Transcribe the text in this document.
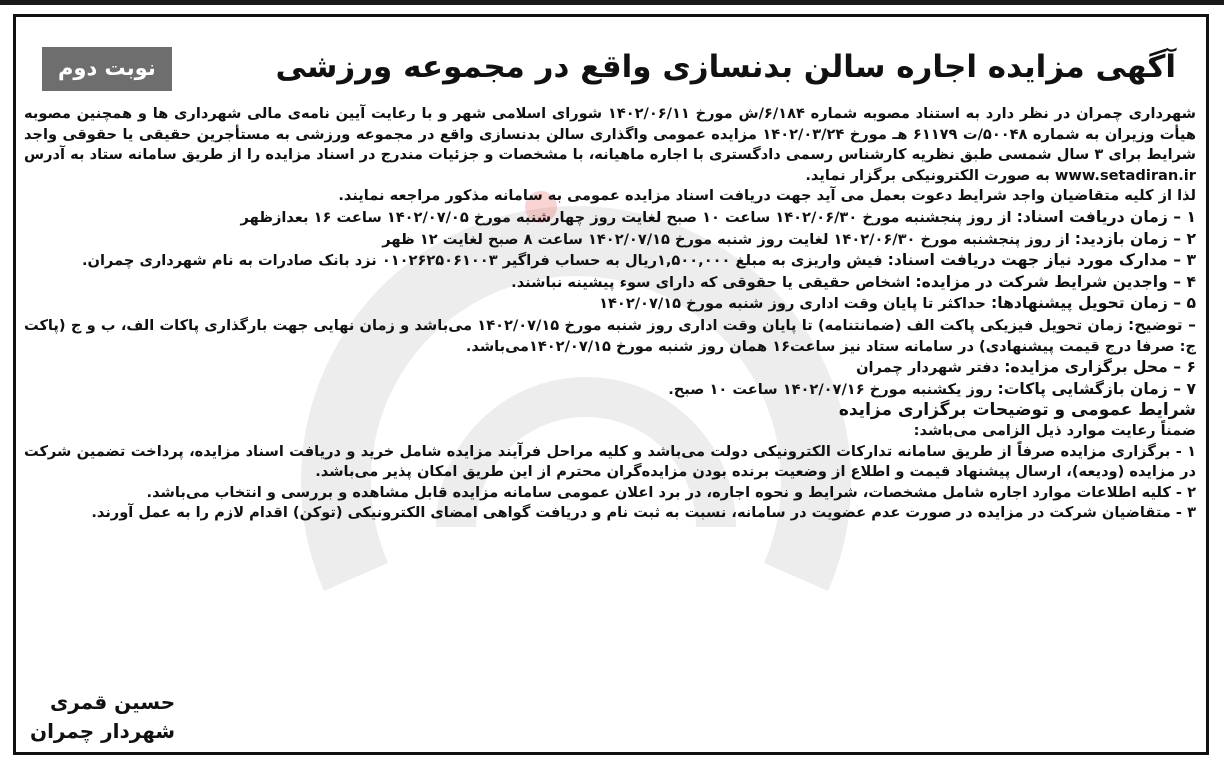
آگهی مزایده اجاره سالن بدنسازی واقع در مجموعه ورزشی
نوبت دوم

شهرداری چمران در نظر دارد به استناد مصوبه شماره ۶/۱۸۴/ش مورخ ۱۴۰۲/۰۶/۱۱ شورای اسلامی شهر و با رعایت آیین نامه‌ی مالی شهرداری ها و همچنین مصوبه هیأت وزیران به شماره ۵۰۰۴۸/ت ۶۱۱۷۹ هـ مورخ ۱۴۰۲/۰۳/۲۴ مزایده عمومی واگذاری سالن بدنسازی واقع در مجموعه ورزشی به مستأجرین حقیقی یا حقوقی واجد شرایط برای ۳ سال شمسی طبق نظریه کارشناس رسمی دادگستری با اجاره ماهیانه، با مشخصات و جزئیات مندرج در اسناد مزایده را از طریق سامانه ستاد به آدرس www.setadiran.ir به صورت الکترونیکی برگزار نماید.

لذا از کلیه متقاضیان واجد شرایط دعوت بعمل می آید جهت دریافت اسناد مزایده عمومی به سامانه مذکور مراجعه نمایند.

۱ – زمان دریافت اسناد: از روز پنجشنبه مورخ ۱۴۰۲/۰۶/۳۰ ساعت ۱۰ صبح لغایت روز چهارشنبه مورخ ۱۴۰۲/۰۷/۰۵ ساعت ۱۶ بعدازظهر

۲ – زمان بازدید: از روز پنجشنبه مورخ ۱۴۰۲/۰۶/۳۰ لغایت روز شنبه مورخ ۱۴۰۲/۰۷/۱۵ ساعت ۸ صبح لغایت ۱۲ ظهر

۳ – مدارک مورد نیاز جهت دریافت اسناد: فیش واریزی به مبلغ ۱,۵۰۰,۰۰۰ریال به حساب فراگیر ۰۱۰۲۶۲۵۰۶۱۰۰۳ نزد بانک صادرات به نام شهرداری چمران.

۴ – واجدین شرایط شرکت در مزایده: اشخاص حقیقی یا حقوقی که دارای سوء پیشینه نباشند.

۵ – زمان تحویل پیشنهادها: حداکثر تا پایان وقت اداری روز شنبه مورخ ۱۴۰۲/۰۷/۱۵

– توضیح: زمان تحویل فیزیکی پاکت الف (ضمانتنامه) تا پایان وقت اداری روز شنبه مورخ ۱۴۰۲/۰۷/۱۵ می‌باشد و زمان نهایی جهت بارگذاری پاکات الف، ب و ج (پاکت ج: صرفا درج قیمت پیشنهادی) در سامانه ستاد نیز ساعت۱۶ همان روز شنبه مورخ ۱۴۰۲/۰۷/۱۵می‌باشد.

۶ – محل برگزاری مزایده: دفتر شهردار چمران

۷ – زمان بازگشایی پاکات: روز یکشنبه مورخ ۱۴۰۲/۰۷/۱۶ ساعت ۱۰ صبح.

شرایط عمومی و توضیحات برگزاری مزایده

ضمناً رعایت موارد ذیل الزامی می‌باشد:

۱ - برگزاری مزایده صرفاً از طریق سامانه تدارکات الکترونیکی دولت می‌باشد و کلیه مراحل فرآیند مزایده شامل خرید و دریافت اسناد مزایده، پرداخت تضمین شرکت در مزایده (ودیعه)، ارسال پیشنهاد قیمت و اطلاع از وضعیت برنده بودن مزایده‌گران محترم از این طریق امکان پذیر می‌باشد.

۲ - کلیه اطلاعات موارد اجاره شامل مشخصات، شرایط و نحوه اجاره، در برد اعلان عمومی سامانه مزایده قابل مشاهده و بررسی و انتخاب می‌باشد.

۳ - متقاضیان شرکت در مزایده در صورت عدم عضویت در سامانه، نسبت به ثبت نام و دریافت گواهی امضای الکترونیکی (توکن) اقدام لازم را به عمل آورند.

حسین قمری
شهردار چمران
